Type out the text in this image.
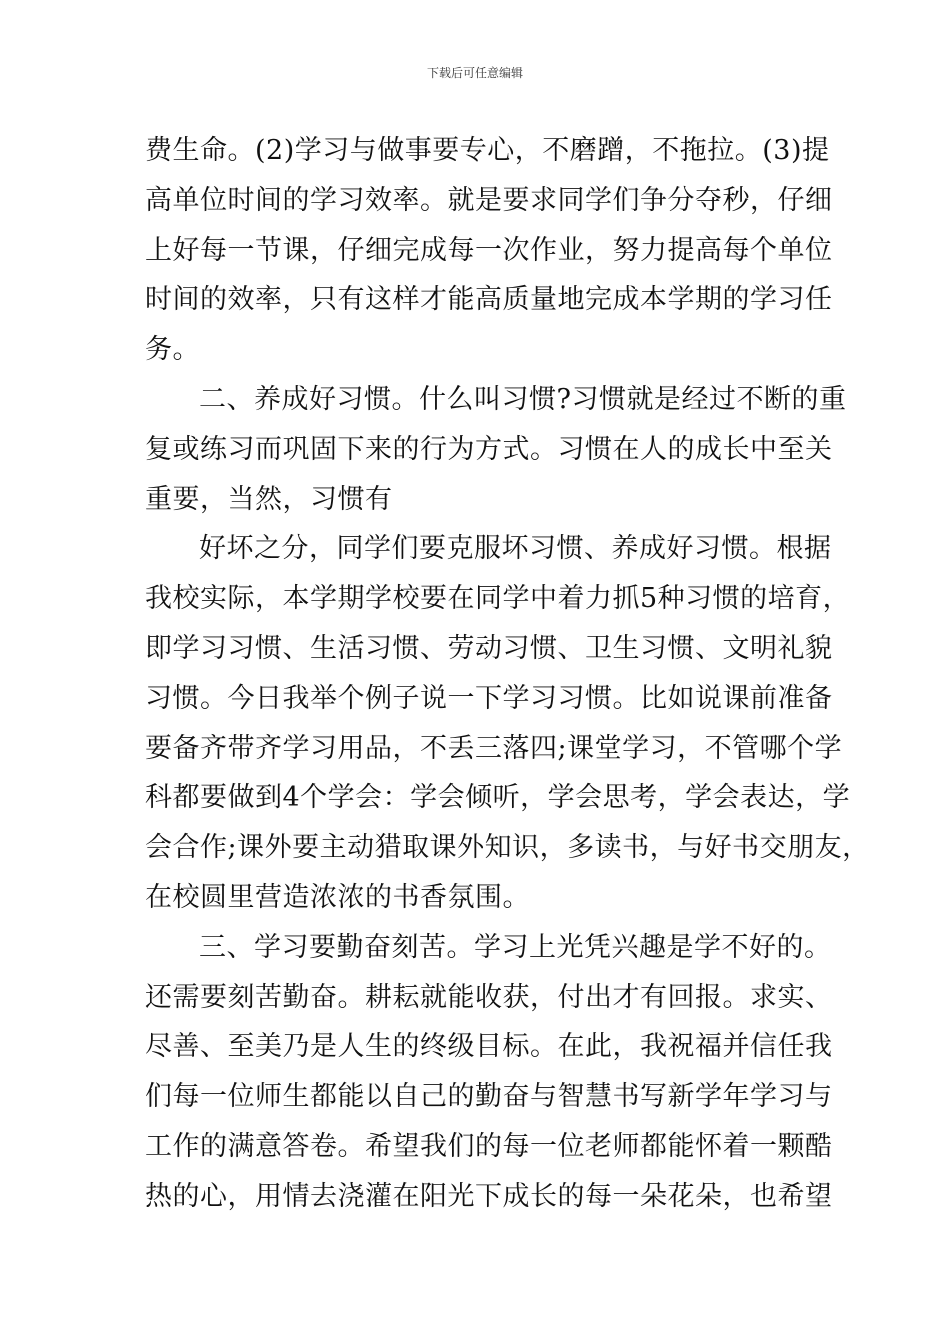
下载后可任意编辑
费生命。(2)学习与做事要专心，不磨蹭，不拖拉。(3)提
高单位时间的学习效率。就是要求同学们争分夺秒，仔细
上好每一节课，仔细完成每一次作业，努力提高每个单位
时间的效率，只有这样才能高质量地完成本学期的学习任
务。
二、养成好习惯。什么叫习惯?习惯就是经过不断的重
复或练习而巩固下来的行为方式。习惯在人的成长中至关
重要，当然，习惯有
好坏之分，同学们要克服坏习惯、养成好习惯。根据
我校实际，本学期学校要在同学中着力抓5种习惯的培育，
即学习习惯、生活习惯、劳动习惯、卫生习惯、文明礼貌
习惯。今日我举个例子说一下学习习惯。比如说课前准备
要备齐带齐学习用品，不丢三落四;课堂学习，不管哪个学
科都要做到4个学会：学会倾听，学会思考，学会表达，学
会合作;课外要主动猎取课外知识，多读书，与好书交朋友，
在校圆里营造浓浓的书香氛围。
三、学习要勤奋刻苦。学习上光凭兴趣是学不好的。
还需要刻苦勤奋。耕耘就能收获，付出才有回报。求实、
尽善、至美乃是人生的终级目标。在此，我祝福并信任我
们每一位师生都能以自己的勤奋与智慧书写新学年学习与
工作的满意答卷。希望我们的每一位老师都能怀着一颗酷
热的心，用情去浇灌在阳光下成长的每一朵花朵，也希望
